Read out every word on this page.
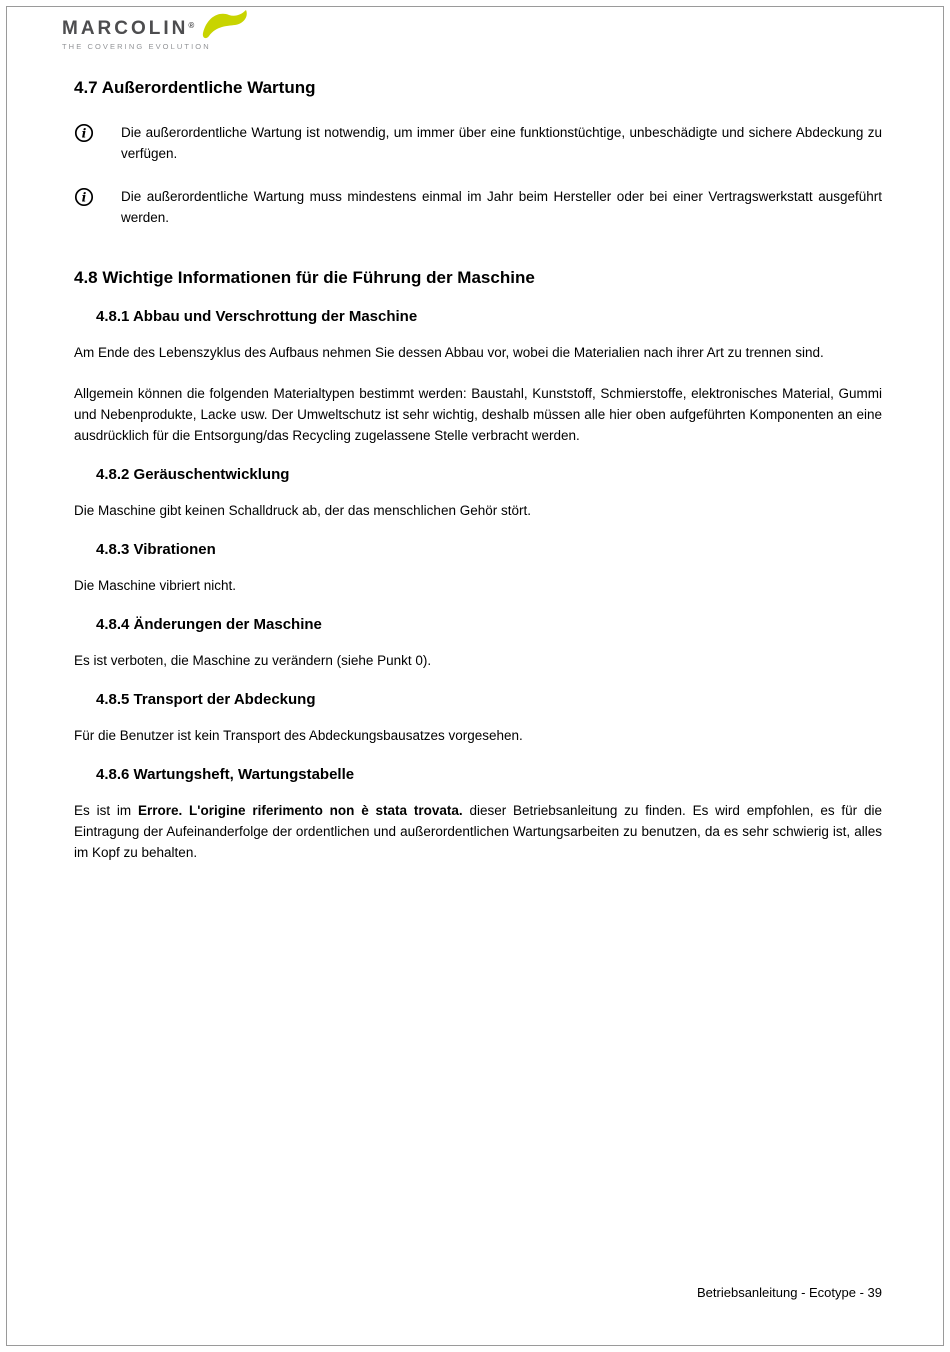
MARCOLIN®
THE COVERING EVOLUTION
4.7 Außerordentliche Wartung
i	Die außerordentliche Wartung ist notwendig, um immer über eine funktionstüchtige, unbeschädigte und sichere Abdeckung zu verfügen.
i	Die außerordentliche Wartung muss mindestens einmal im Jahr beim Hersteller oder bei einer Vertragswerkstatt ausgeführt werden.
4.8 Wichtige Informationen für die Führung der Maschine
4.8.1 Abbau und Verschrottung der Maschine

Am Ende des Lebenszyklus des Aufbaus nehmen Sie dessen Abbau vor, wobei die Materialien nach ihrer Art zu trennen sind.

Allgemein können die folgenden Materialtypen bestimmt werden: Baustahl, Kunststoff, Schmierstoffe, elektronisches Material, Gummi und Nebenprodukte, Lacke usw. Der Umweltschutz ist sehr wichtig, deshalb müssen alle hier oben aufgeführten Komponenten an eine ausdrücklich für die Entsorgung/das Recycling zugelassene Stelle verbracht werden.

4.8.2 Geräuschentwicklung

Die Maschine gibt keinen Schalldruck ab, der das menschlichen Gehör stört.

4.8.3 Vibrationen

Die Maschine vibriert nicht.

4.8.4 Änderungen der Maschine

Es ist verboten, die Maschine zu verändern (siehe Punkt 0).

4.8.5 Transport der Abdeckung

Für die Benutzer ist kein Transport des Abdeckungsbausatzes vorgesehen.

4.8.6 Wartungsheft, Wartungstabelle

Es ist im Errore. L'origine riferimento non è stata trovata. dieser Betriebsanleitung zu finden. Es wird empfohlen, es für die Eintragung der Aufeinanderfolge der ordentlichen und außerordentlichen Wartungsarbeiten zu benutzen, da es sehr schwierig ist, alles im Kopf zu behalten.

Betriebsanleitung - Ecotype - 39
